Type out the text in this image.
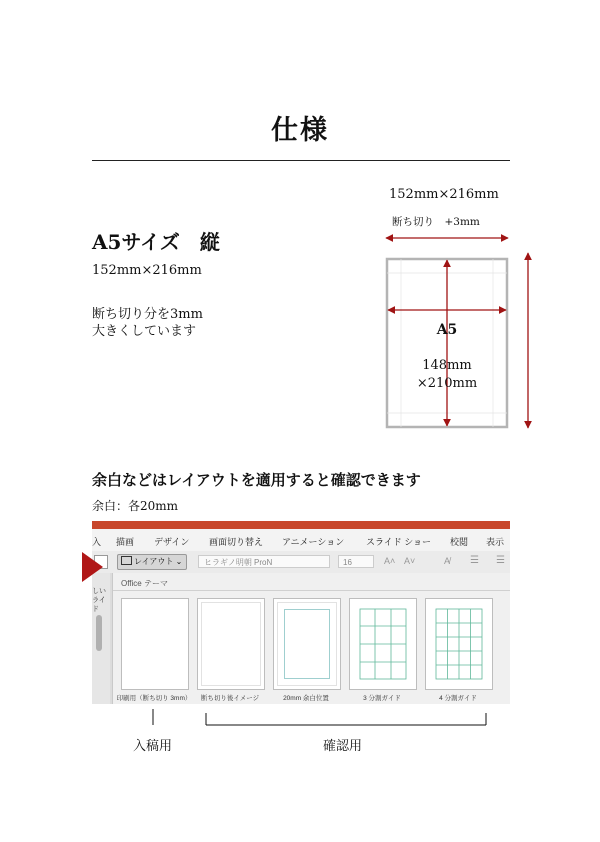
仕様
A5サイズ　縦
152mm×216mm
断ち切り分を3mm
大きくしています
152mm×216mm
断ち切り　+3mm
A5
148mm
×210mm
余白などはレイアウトを適用すると確認できます
余白：各20mm
入 描画 デザイン 画面切り替え アニメーション スライド ショー 校閲 表示
レイアウト ⌄	ヒラギノ明朝 ProN	16	A˄ A˅	A̸ ☰ ☰
しい
ライド
Office テーマ
印刷用（断ち切り 3mm）	断ち切り後イメージ	20mm 余白位置	3 分割ガイド	4 分割ガイド
入稿用	確認用
